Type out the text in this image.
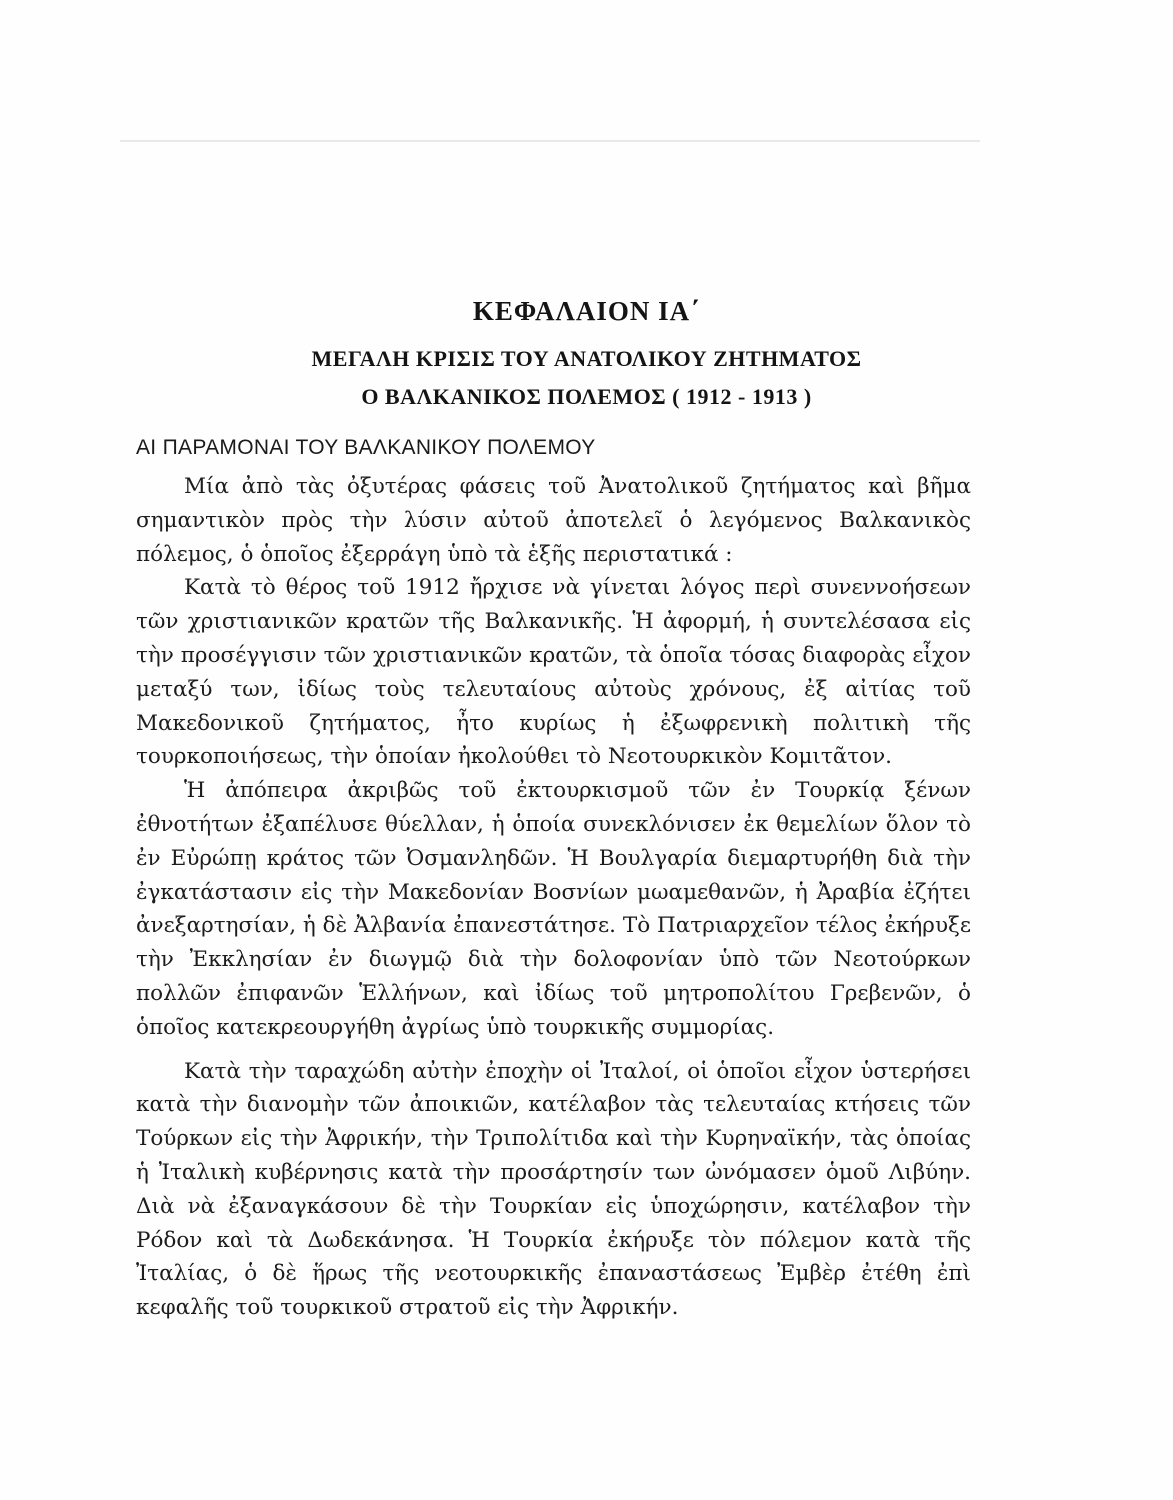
ΚΕΦΑΛΑΙΟΝ ΙΑ΄
ΜΕΓΑΛΗ ΚΡΙΣΙΣ ΤΟΥ ΑΝΑΤΟΛΙΚΟΥ ΖΗΤΗΜΑΤΟΣ
Ο ΒΑΛΚΑΝΙΚΟΣ ΠΟΛΕΜΟΣ ( 1912 - 1913 )
ΑΙ ΠΑΡΑΜΟΝΑΙ ΤΟΥ ΒΑΛΚΑΝΙΚΟΥ ΠΟΛΕΜΟΥ

Μία ἀπὸ τὰς ὀξυτέρας φάσεις τοῦ Ἀνατολικοῦ ζητήματος καὶ βῆμα σημαντικὸν πρὸς τὴν λύσιν αὐτοῦ ἀποτελεῖ ὁ λεγόμενος Βαλκανικὸς πόλεμος, ὁ ὁποῖος ἐξερράγη ὑπὸ τὰ ἑξῆς περιστατικά :

Κατὰ τὸ θέρος τοῦ 1912 ἤρχισε νὰ γίνεται λόγος περὶ συνεννοήσεων τῶν χριστιανικῶν κρατῶν τῆς Βαλκανικῆς. Ἡ ἀφορμή, ἡ συντελέσασα εἰς τὴν προσέγγισιν τῶν χριστιανικῶν κρατῶν, τὰ ὁποῖα τόσας διαφορὰς εἶχον μεταξύ των, ἰδίως τοὺς τελευταίους αὐτοὺς χρόνους, ἐξ αἰτίας τοῦ Μακεδονικοῦ ζητήματος, ἦτο κυρίως ἡ ἐξωφρενικὴ πολιτικὴ τῆς τουρκοποιήσεως, τὴν ὁποίαν ἠκολούθει τὸ Νεοτουρκικὸν Κομιτᾶτον.

Ἡ ἀπόπειρα ἀκριβῶς τοῦ ἐκτουρκισμοῦ τῶν ἐν Τουρκίᾳ ξένων ἐθνοτήτων ἐξαπέλυσε θύελλαν, ἡ ὁποία συνεκλόνισεν ἐκ θεμελίων ὅλον τὸ ἐν Εὐρώπῃ κράτος τῶν Ὀσμανληδῶν. Ἡ Βουλγαρία διεμαρτυρήθη διὰ τὴν ἐγκατάστασιν εἰς τὴν Μακεδονίαν Βοσνίων μωαμεθανῶν, ἡ Ἀραβία ἐζήτει ἀνεξαρτησίαν, ἡ δὲ Ἀλβανία ἐπανεστάτησε. Τὸ Πατριαρχεῖον τέλος ἐκήρυξε τὴν Ἐκκλησίαν ἐν διωγμῷ διὰ τὴν δολοφονίαν ὑπὸ τῶν Νεοτούρκων πολλῶν ἐπιφανῶν Ἑλλήνων, καὶ ἰδίως τοῦ μητροπολίτου Γρεβενῶν, ὁ ὁποῖος κατεκρεουργήθη ἀγρίως ὑπὸ τουρκικῆς συμμορίας.

Κατὰ τὴν ταραχώδη αὐτὴν ἐποχὴν οἱ Ἰταλοί, οἱ ὁποῖοι εἶχον ὑστερήσει κατὰ τὴν διανομὴν τῶν ἀποικιῶν, κατέλαβον τὰς τελευταίας κτήσεις τῶν Τούρκων εἰς τὴν Ἀφρικήν, τὴν Τριπολίτιδα καὶ τὴν Κυρηναϊκήν, τὰς ὁποίας ἡ Ἰταλικὴ κυβέρνησις κατὰ τὴν προσάρτησίν των ὠνόμασεν ὁμοῦ Λιβύην. Διὰ νὰ ἐξαναγκάσουν δὲ τὴν Τουρκίαν εἰς ὑποχώρησιν, κατέλαβον τὴν Ρόδον καὶ τὰ Δωδεκάνησα. Ἡ Τουρκία ἐκήρυξε τὸν πόλεμον κατὰ τῆς Ἰταλίας, ὁ δὲ ἥρως τῆς νεοτουρκικῆς ἐπαναστάσεως Ἐμβὲρ ἐτέθη ἐπὶ κεφαλῆς τοῦ τουρκικοῦ στρατοῦ εἰς τὴν Ἀφρικήν.
